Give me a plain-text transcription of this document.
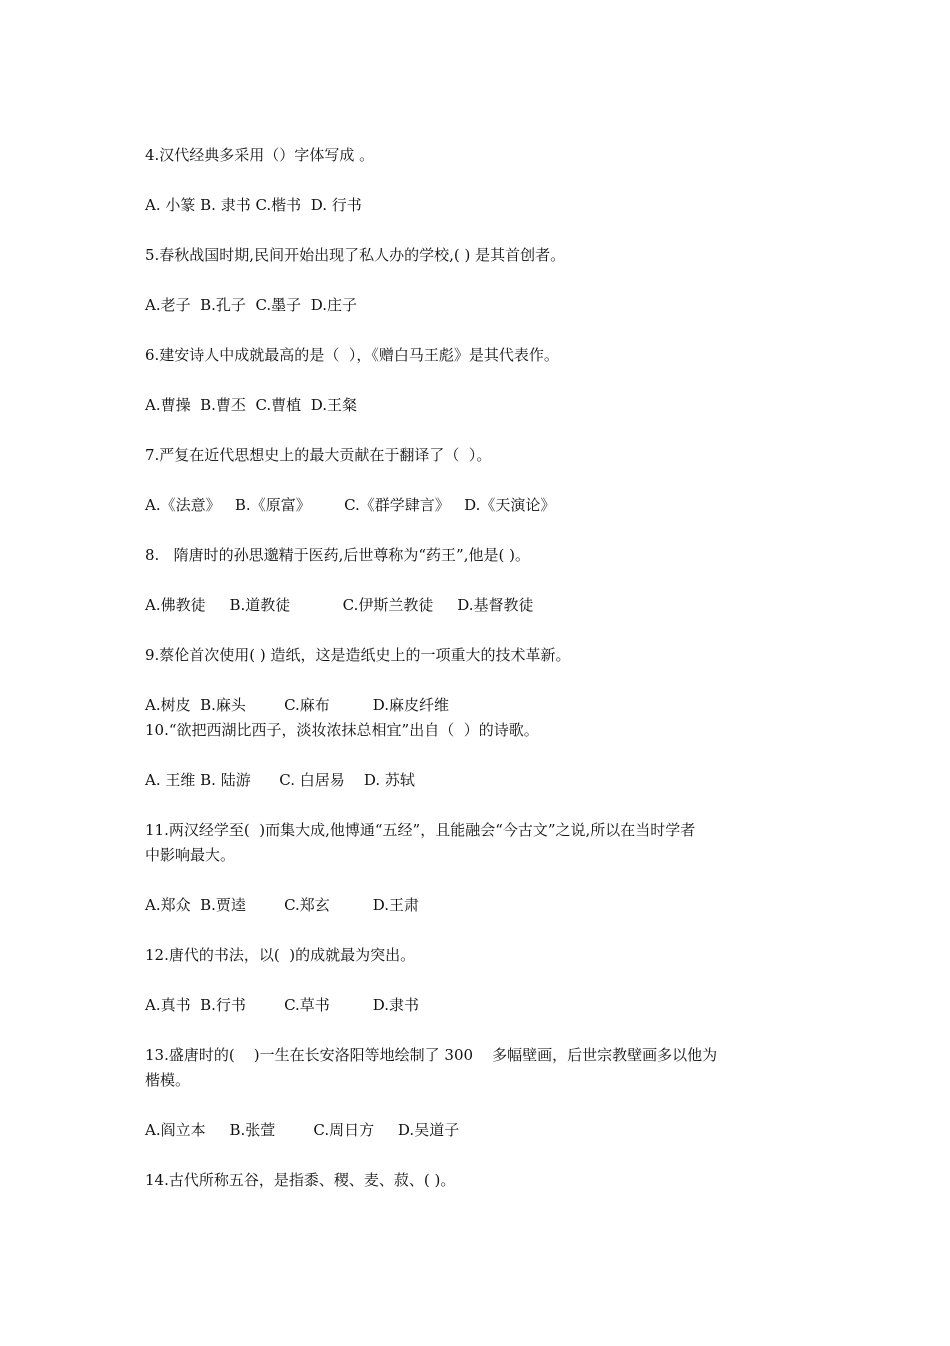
4.汉代经典多采用（）字体写成 。

A. 小篆 B. 隶书 C.楷书  D. 行书

5.春秋战国时期,民间开始出现了私人办的学校,( ) 是其首创者。

A.老子  B.孔子  C.墨子  D.庄子

6.建安诗人中成就最高的是（  ），《赠白马王彪》是其代表作。

A.曹操  B.曹丕  C.曹植  D.王粲

7.严复在近代思想史上的最大贡献在于翻译了（  ）。

A.《法意》   B.《原富》       C.《群学肆言》   D.《天演论》

8.   隋唐时的孙思邈精于医药,后世尊称为“药王”,他是( )。

A.佛教徒     B.道教徒           C.伊斯兰教徒     D.基督教徒

9.蔡伦首次使用( ) 造纸，这是造纸史上的一项重大的技术革新。

A.树皮  B.麻头        C.麻布         D.麻皮纤维

10.“欲把西湖比西子，淡妆浓抹总相宜”出自（  ）的诗歌。

A. 王维 B. 陆游      C. 白居易    D. 苏轼

11.两汉经学至(  )而集大成,他博通“五经”，且能融会“今古文”之说,所以在当时学者

中影响最大。

A.郑众  B.贾逵        C.郑玄         D.王肃

12.唐代的书法，以(  )的成就最为突出。

A.真书  B.行书        C.草书         D.隶书

13.盛唐时的(    )一生在长安洛阳等地绘制了 300    多幅壁画，后世宗教壁画多以他为

楷模。

A.阎立本     B.张萱        C.周日方     D.吴道子

14.古代所称五谷，是指黍、稷、麦、菽、( )。
